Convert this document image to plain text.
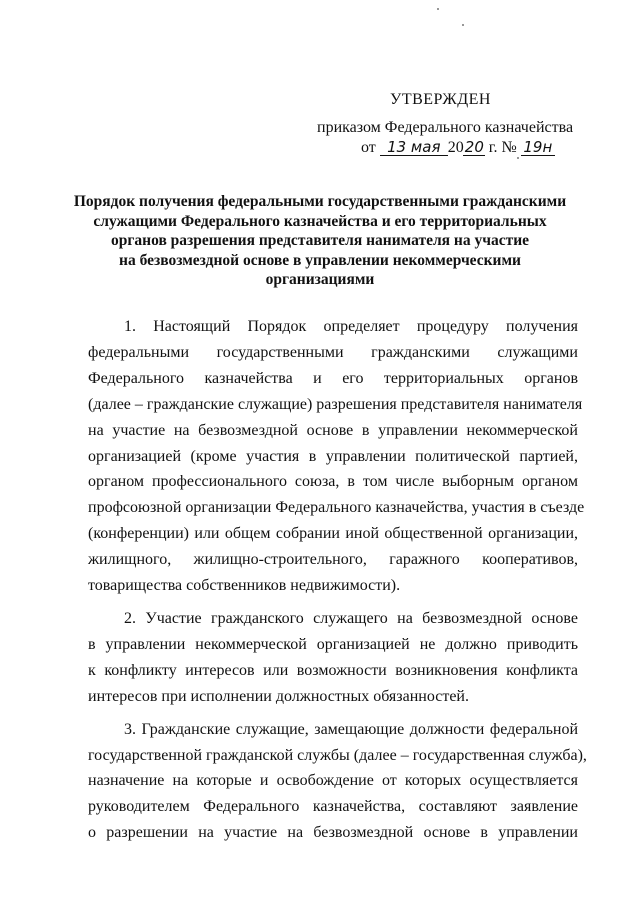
УТВЕРЖДЕН
приказом Федерального казначейства
от 13 мая 2020 г. № 19н
Порядок получения федеральными государственными гражданскими
служащими Федерального казначейства и его территориальных
органов разрешения представителя нанимателя на участие
на безвозмездной основе в управлении некоммерческими
организациями
1. Настоящий Порядок определяет процедуру получения
федеральными государственными гражданскими служащими
Федерального казначейства и его территориальных органов
(далее – гражданские служащие) разрешения представителя нанимателя
на участие на безвозмездной основе в управлении некоммерческой
организацией (кроме участия в управлении политической партией,
органом профессионального союза, в том числе выборным органом
профсоюзной организации Федерального казначейства, участия в съезде
(конференции) или общем собрании иной общественной организации,
жилищного, жилищно-строительного, гаражного кооперативов,
товарищества собственников недвижимости).
2. Участие гражданского служащего на безвозмездной основе
в управлении некоммерческой организацией не должно приводить
к конфликту интересов или возможности возникновения конфликта
интересов при исполнении должностных обязанностей.
3. Гражданские служащие, замещающие должности федеральной
государственной гражданской службы (далее – государственная служба),
назначение на которые и освобождение от которых осуществляется
руководителем Федерального казначейства, составляют заявление
о разрешении на участие на безвозмездной основе в управлении
